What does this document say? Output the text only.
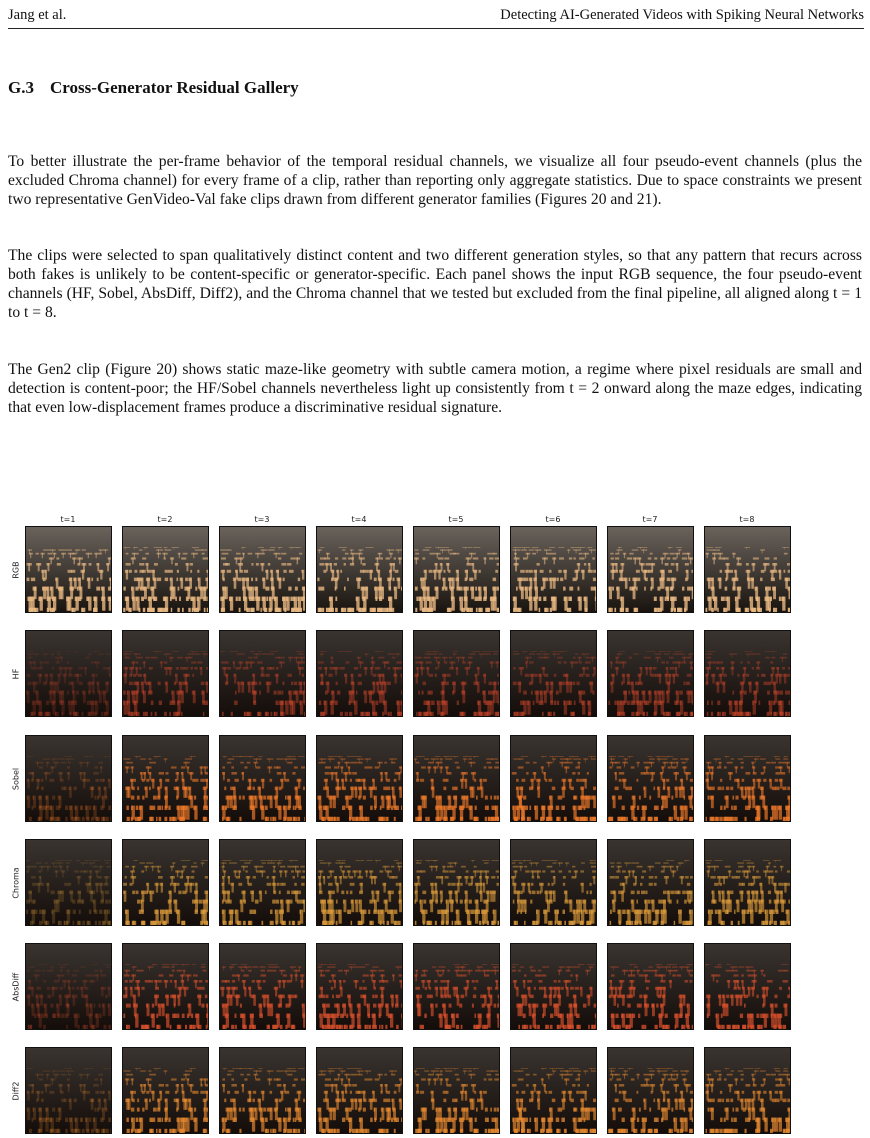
Jang et al.	Detecting AI-Generated Videos with Spiking Neural Networks
G.3 Cross-Generator Residual Gallery

To better illustrate the per-frame behavior of the temporal residual channels, we visualize all four pseudo-event channels (plus the excluded Chroma channel) for every frame of a clip, rather than reporting only aggregate statistics. Due to space constraints we present two representative GenVideo-Val fake clips drawn from different generator families (Figures 20 and 21).

The clips were selected to span qualitatively distinct content and two different generation styles, so that any pattern that recurs across both fakes is unlikely to be content-specific or generator-specific. Each panel shows the input RGB sequence, the four pseudo-event channels (HF, Sobel, AbsDiff, Diff2), and the Chroma channel that we tested but excluded from the final pipeline, all aligned along t = 1 to t = 8.

The Gen2 clip (Figure 20) shows static maze-like geometry with subtle camera motion, a regime where pixel residuals are small and detection is content-poor; the HF/Sobel channels nevertheless light up consistently from t = 2 onward along the maze edges, indicating that even low-displacement frames produce a discriminative residual signature.

t=1	t=2	t=3	t=4	t=5	t=6	t=7	t=8
RGB
HF
Sobel
Chroma
AbsDiff
Diff2
